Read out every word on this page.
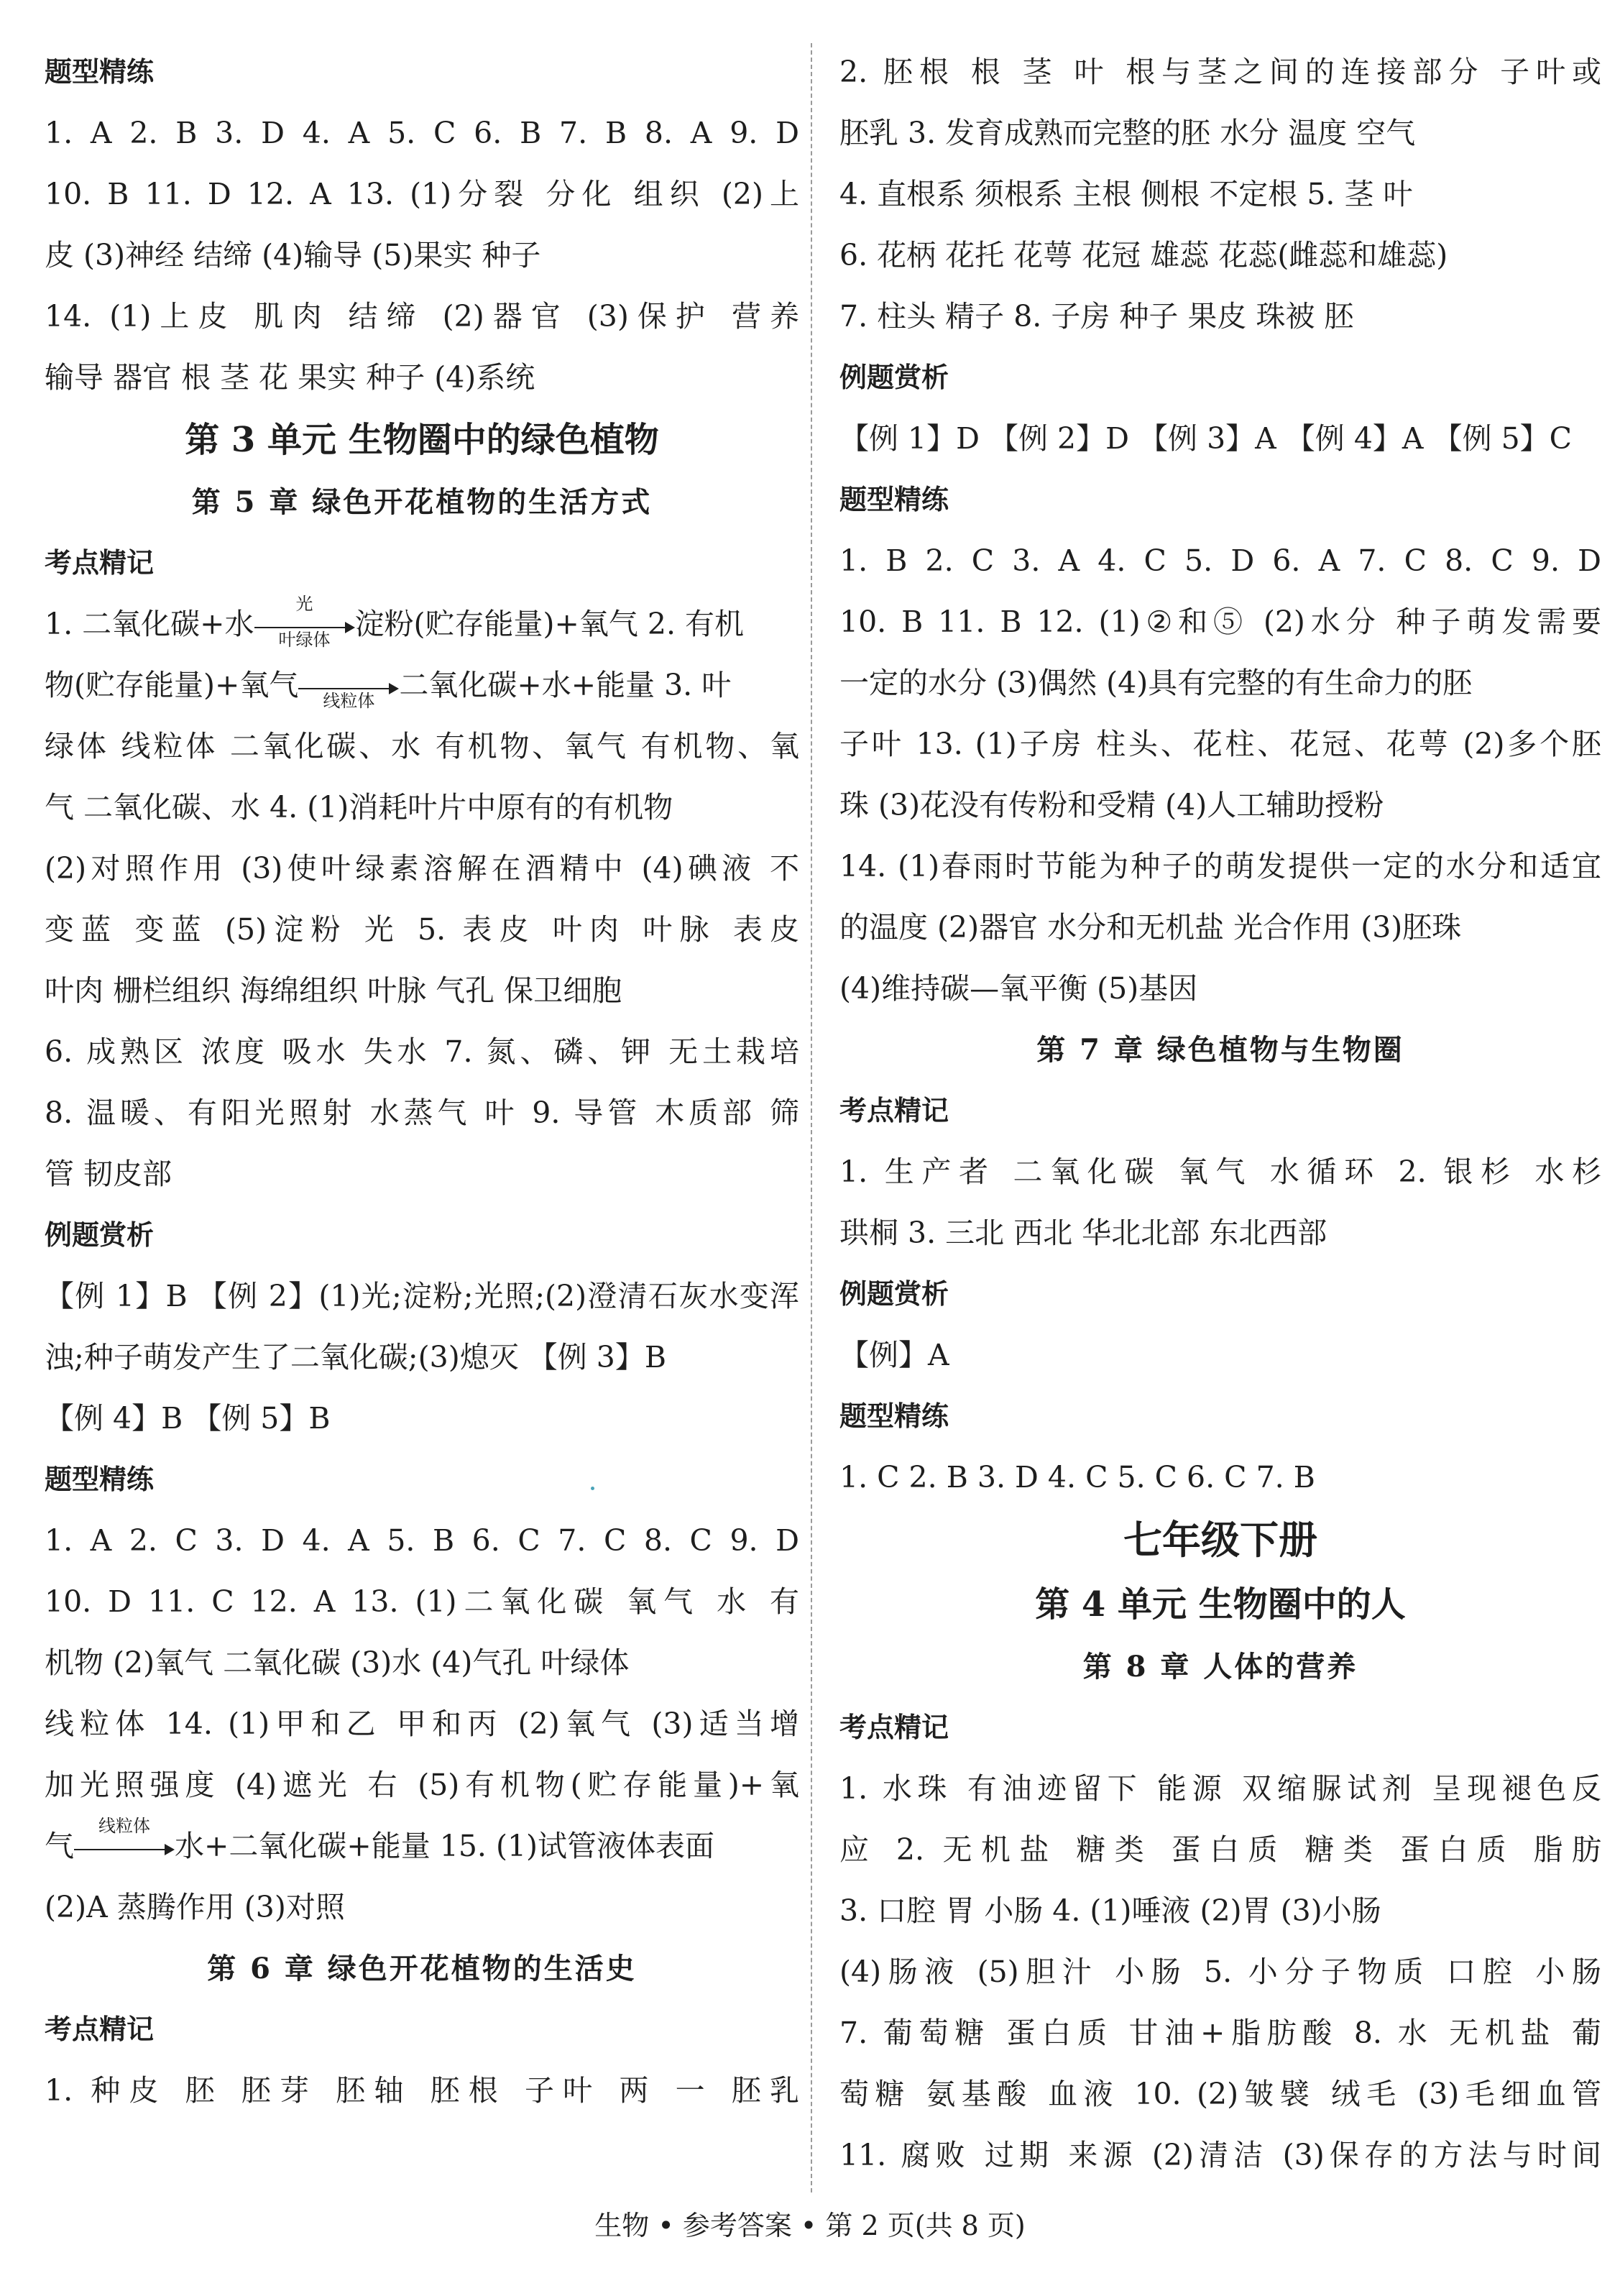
题型精练
1. A 2. B 3. D 4. A 5. C 6. B 7. B 8. A 9. D
10. B 11. D 12. A 13. (1)分裂 分化 组织 (2)上
皮 (3)神经 结缔 (4)输导 (5)果实 种子
14. (1)上皮 肌肉 结缔 (2)器官 (3)保护 营养
输导 器官 根 茎 花 果实 种子 (4)系统
第 3 单元 生物圈中的绿色植物
第 5 章 绿色开花植物的生活方式
考点精记
1. 二氧化碳+水
光
叶绿体 淀粉(贮存能量)+氧气 2. 有机
物(贮存能量)+氧气	线粒体 二氧化碳+水+能量 3. 叶
绿体 线粒体 二氧化碳、水 有机物、氧气 有机物、氧
气 二氧化碳、水 4. (1)消耗叶片中原有的有机物
(2)对照作用 (3)使叶绿素溶解在酒精中 (4)碘液 不
变蓝 变蓝 (5)淀粉 光 5. 表皮 叶肉 叶脉 表皮
叶肉 栅栏组织 海绵组织 叶脉 气孔 保卫细胞
6. 成熟区 浓度 吸水 失水 7. 氮、磷、钾 无土栽培
8. 温暖、有阳光照射 水蒸气 叶 9. 导管 木质部 筛
管 韧皮部
例题赏析
【例 1】B 【例 2】(1)光;淀粉;光照;(2)澄清石灰水变浑
浊;种子萌发产生了二氧化碳;(3)熄灭 【例 3】B
【例 4】B 【例 5】B
题型精练
1. A 2. C 3. D 4. A 5. B 6. C 7. C 8. C 9. D
10. D 11. C 12. A 13. (1)二氧化碳 氧气 水 有
机物 (2)氧气 二氧化碳 (3)水 (4)气孔 叶绿体
线粒体 14. (1)甲和乙 甲和丙 (2)氧气 (3)适当增
加光照强度 (4)遮光 右 (5)有机物(贮存能量)+氧
气
线粒体
水+二氧化碳+能量 15. (1)试管液体表面
(2)A 蒸腾作用 (3)对照
第 6 章 绿色开花植物的生活史
考点精记
1. 种皮 胚 胚芽 胚轴 胚根 子叶 两 一 胚乳
2. 胚根 根 茎 叶 根与茎之间的连接部分 子叶或
胚乳 3. 发育成熟而完整的胚 水分 温度 空气
4. 直根系 须根系 主根 侧根 不定根 5. 茎 叶
6. 花柄 花托 花萼 花冠 雄蕊 花蕊(雌蕊和雄蕊)
7. 柱头 精子 8. 子房 种子 果皮 珠被 胚
例题赏析
【例 1】D 【例 2】D 【例 3】A 【例 4】A 【例 5】C
题型精练
1. B 2. C 3. A 4. C 5. D 6. A 7. C 8. C 9. D
10. B 11. B 12. (1)②和⑤ (2)水分 种子萌发需要
一定的水分 (3)偶然 (4)具有完整的有生命力的胚
子叶 13. (1)子房 柱头、花柱、花冠、花萼 (2)多个胚
珠 (3)花没有传粉和受精 (4)人工辅助授粉
14. (1)春雨时节能为种子的萌发提供一定的水分和适宜
的温度 (2)器官 水分和无机盐 光合作用 (3)胚珠
(4)维持碳—氧平衡 (5)基因
第 7 章 绿色植物与生物圈
考点精记
1. 生产者 二氧化碳 氧气 水循环 2. 银杉 水杉
珙桐 3. 三北 西北 华北北部 东北西部
例题赏析
【例】A
题型精练
1. C 2. B 3. D 4. C 5. C 6. C 7. B
七年级下册
第 4 单元 生物圈中的人
第 8 章 人体的营养
考点精记
1. 水珠 有油迹留下 能源 双缩脲试剂 呈现褪色反
应 2. 无机盐 糖类 蛋白质 糖类 蛋白质 脂肪
3. 口腔 胃 小肠 4. (1)唾液 (2)胃 (3)小肠
(4)肠液 (5)胆汁 小肠 5. 小分子物质 口腔 小肠
7. 葡萄糖 蛋白质 甘油+脂肪酸 8. 水 无机盐 葡
萄糖 氨基酸 血液 10. (2)皱襞 绒毛 (3)毛细血管
11. 腐败 过期 来源 (2)清洁 (3)保存的方法与时间
生物 • 参考答案 • 第 2 页(共 8 页)
